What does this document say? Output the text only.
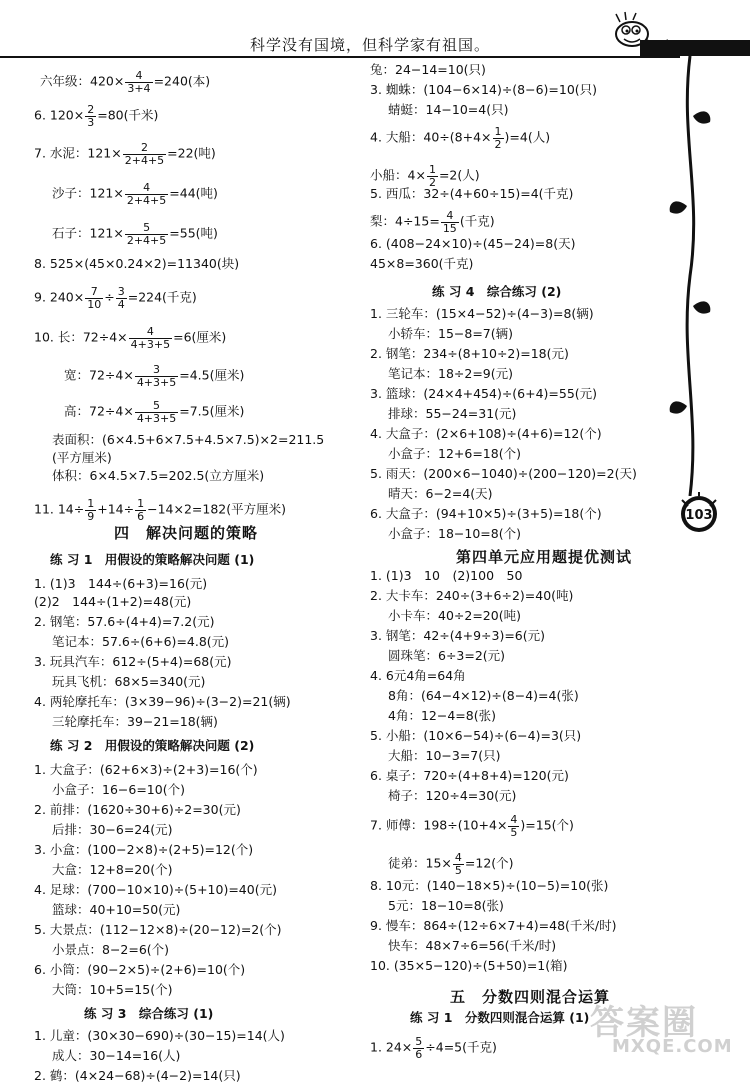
科学没有国境，但科学家有祖国。
103
六年级：$420\times \frac{4}{3+4} =240$(本)
6. $120\times \frac{2}{3} =80$(千米)
7. 水泥：$121\times \frac{2}{2+4+5} =22$(吨)
沙子：$121\times \frac{4}{2+4+5} =44$(吨)
石子：$121\times \frac{5}{2+4+5} =55$(吨)
8. 525×(45×0.24×2)=11340(块)
9. $240\times \frac{7}{10} \div \frac{3}{4} =224$(千克)
10. 长：$72\div 4\times \frac{4}{4+3+5} =6$(厘米)
宽：$72\div 4\times \frac{3}{4+3+5} =4.5$(厘米)
高：$72\div 4\times \frac{5}{4+3+5} =7.5$(厘米)
表面积：(6×4.5+6×7.5+4.5×7.5)×2=211.5
(平方厘米)
体积：6×4.5×7.5=202.5(立方厘米)
11. $14\div \frac{1}{9} +14\div \frac{1}{6} -14\times 2=182$(平方厘米)
四　解决问题的策略
练 习 1　用假设的策略解决问题 (1)
1. (1)3　144÷(6+3)=16(元)
(2)2　144÷(1+2)=48(元)
2. 钢笔：57.6÷(4+4)=7.2(元)
笔记本：57.6÷(6+6)=4.8(元)
3. 玩具汽车：612÷(5+4)=68(元)
玩具飞机：68×5=340(元)
4. 两轮摩托车：(3×39−96)÷(3−2)=21(辆)
三轮摩托车：39−21=18(辆)
练 习 2　用假设的策略解决问题 (2)
1. 大盒子：(62+6×3)÷(2+3)=16(个)
小盒子：16−6=10(个)
2. 前排：(1620÷30+6)÷2=30(元)
后排：30−6=24(元)
3. 小盒：(100−2×8)÷(2+5)=12(个)
大盒：12+8=20(个)
4. 足球：(700−10×10)÷(5+10)=40(元)
篮球：40+10=50(元)
5. 大景点：(112−12×8)÷(20−12)=2(个)
小景点：8−2=6(个)
6. 小筒：(90−2×5)÷(2+6)=10(个)
大筒：10+5=15(个)
练 习 3　综合练习 (1)
1. 儿童：(30×30−690)÷(30−15)=14(人)
成人：30−14=16(人)
2. 鹤：(4×24−68)÷(4−2)=14(只)
兔：24−14=10(只)
3. 蜘蛛：(104−6×14)÷(8−6)=10(只)
蜻蜓：14−10=4(只)
4. 大船：$40\div(8+4\times \frac{1}{2} )=4$(人)
小船：$4\times \frac{1}{2} =2$(人)
5. 西瓜：32÷(4+60÷15)=4(千克)
梨：$4\div 15= \frac{4}{15}$ (千克)
6. (408−24×10)÷(45−24)=8(天)
45×8=360(千克)
练 习 4　综合练习 (2)
1. 三轮车：(15×4−52)÷(4−3)=8(辆)
小轿车：15−8=7(辆)
2. 钢笔：234÷(8+10÷2)=18(元)
笔记本：18÷2=9(元)
3. 篮球：(24×4+454)÷(6+4)=55(元)
排球：55−24=31(元)
4. 大盒子：(2×6+108)÷(4+6)=12(个)
小盒子：12+6=18(个)
5. 雨天：(200×6−1040)÷(200−120)=2(天)
晴天：6−2=4(天)
6. 大盒子：(94+10×5)÷(3+5)=18(个)
小盒子：18−10=8(个)
第四单元应用题提优测试
1. (1)3　10　(2)100　50
2. 大卡车：240÷(3+6÷2)=40(吨)
小卡车：40÷2=20(吨)
3. 钢笔：42÷(4+9÷3)=6(元)
圆珠笔：6÷3=2(元)
4. 6元4角=64角
8角：(64−4×12)÷(8−4)=4(张)
4角：12−4=8(张)
5. 小船：(10×6−54)÷(6−4)=3(只)
大船：10−3=7(只)
6. 桌子：720÷(4+8+4)=120(元)
椅子：120÷4=30(元)
7. 师傅：$198\div(10+4\times \frac{4}{5} )=15$(个)
徒弟：$15\times \frac{4}{5} =12$(个)
8. 10元：(140−18×5)÷(10−5)=10(张)
5元：18−10=8(张)
9. 慢车：864÷(12÷6×7+4)=48(千米/时)
快车：48×7÷6=56(千米/时)
10. (35×5−120)÷(5+50)=1(箱)
五　分数四则混合运算
练 习 1　分数四则混合运算 (1)
1. $24\times \frac{5}{6} \div 4=5$(千克)
答案圈
MXQE.COM
